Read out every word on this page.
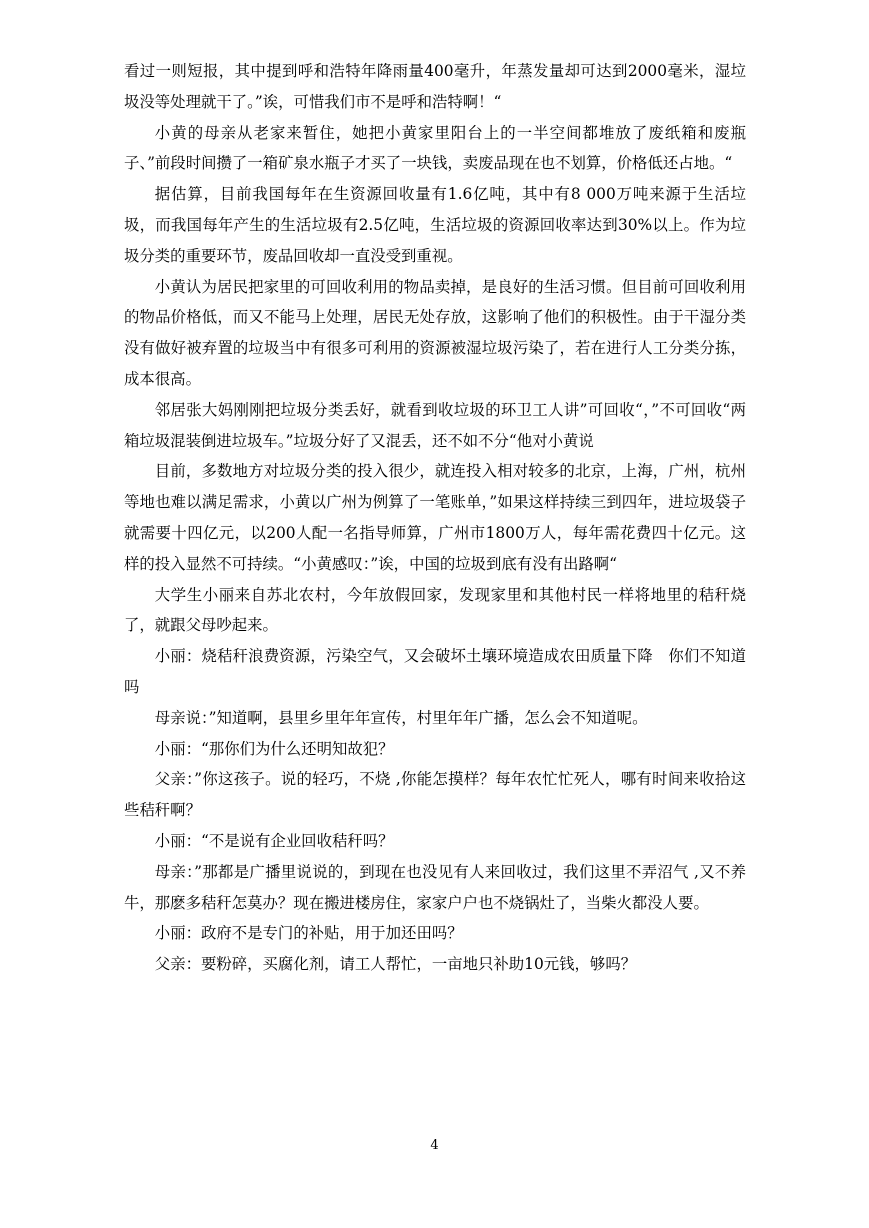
看过一则短报，其中提到呼和浩特年降雨量400毫升，年蒸发量却可达到2000毫米，湿垃圾没等处理就干了。”诶，可惜我们市不是呼和浩特啊！“

小黄的母亲从老家来暂住，她把小黄家里阳台上的一半空间都堆放了废纸箱和废瓶子、”前段时间攒了一箱矿泉水瓶子才买了一块钱，卖废品现在也不划算，价格低还占地。“

据估算，目前我国每年在生资源回收量有1.6亿吨，其中有8 000万吨来源于生活垃圾，而我国每年产生的生活垃圾有2.5亿吨，生活垃圾的资源回收率达到30%以上。作为垃圾分类的重要环节，废品回收却一直没受到重视。

小黄认为居民把家里的可回收利用的物品卖掉，是良好的生活习惯。但目前可回收利用的物品价格低，而又不能马上处理，居民无处存放，这影响了他们的积极性。由于干湿分类没有做好被弃置的垃圾当中有很多可利用的资源被湿垃圾污染了，若在进行人工分类分拣，成本很高。

邻居张大妈刚刚把垃圾分类丢好，就看到收垃圾的环卫工人讲”可回收“，”不可回收“两箱垃圾混装倒进垃圾车。”垃圾分好了又混丢，还不如不分“他对小黄说

目前，多数地方对垃圾分类的投入很少，就连投入相对较多的北京，上海，广州，杭州等地也难以满足需求，小黄以广州为例算了一笔账单，”如果这样持续三到四年，进垃圾袋子就需要十四亿元，以200人配一名指导师算，广州市1800万人，每年需花费四十亿元。这样的投入显然不可持续。“小黄感叹：”诶，中国的垃圾到底有没有出路啊“

大学生小丽来自苏北农村，今年放假回家，发现家里和其他村民一样将地里的秸秆烧了，就跟父母吵起来。

小丽：烧秸秆浪费资源，污染空气，又会破坏土壤环境造成农田质量下降　你们不知道吗

母亲说：”知道啊，县里乡里年年宣传，村里年年广播，怎么会不知道呢。

小丽：“那你们为什么还明知故犯？

父亲：”你这孩子。说的轻巧，不烧 ,你能怎摸样？每年农忙忙死人，哪有时间来收拾这些秸秆啊？

小丽：“不是说有企业回收秸秆吗？

母亲：”那都是广播里说说的，到现在也没见有人来回收过，我们这里不弄沼气 ,又不养牛，那麽多秸秆怎莫办？现在搬进楼房住，家家户户也不烧锅灶了，当柴火都没人要。

小丽：政府不是专门的补贴，用于加还田吗？

父亲：要粉碎，买腐化剂，请工人帮忙，一亩地只补助10元钱，够吗？

4
